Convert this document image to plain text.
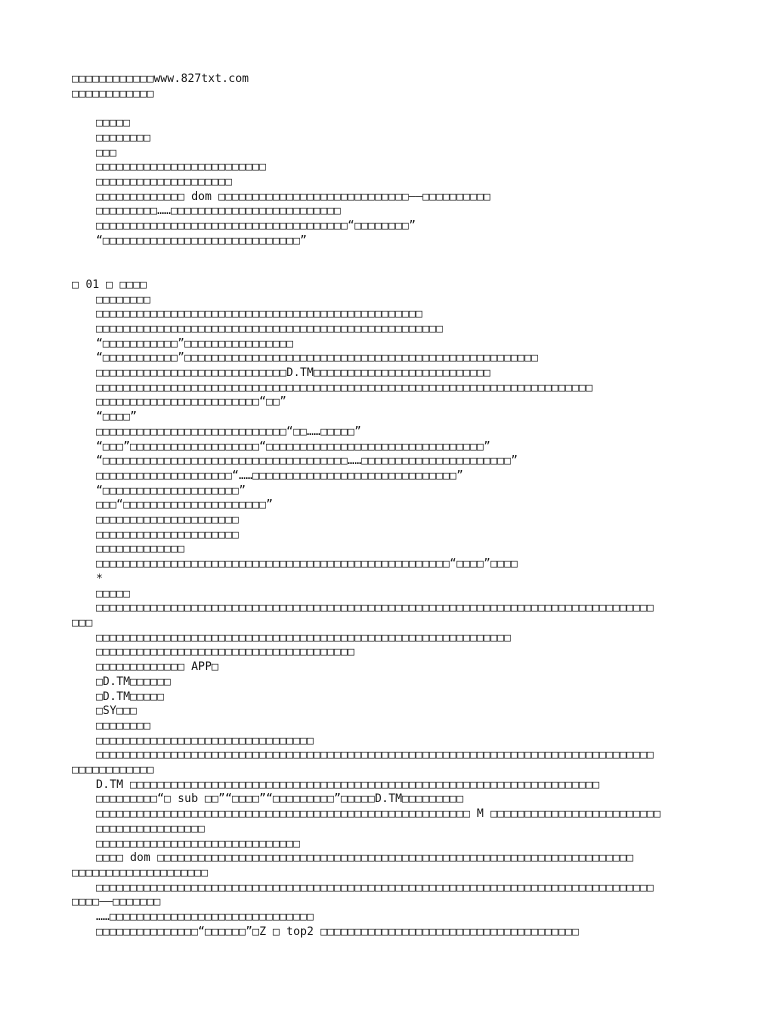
□□□□□□□□□□□□www.827txt.com
□□□□□□□□□□□□
□□□□□
□□□□□□□□
□□□
□□□□□□□□□□□□□□□□□□□□□□□□□
□□□□□□□□□□□□□□□□□□□□
□□□□□□□□□□□□□ dom □□□□□□□□□□□□□□□□□□□□□□□□□□□□——□□□□□□□□□□
□□□□□□□□□……□□□□□□□□□□□□□□□□□□□□□□□□□
□□□□□□□□□□□□□□□□□□□□□□□□□□□□□□□□□□□□□“□□□□□□□□”
“□□□□□□□□□□□□□□□□□□□□□□□□□□□□□”
□ 01 □ □□□□
□□□□□□□□
□□□□□□□□□□□□□□□□□□□□□□□□□□□□□□□□□□□□□□□□□□□□□□□□
□□□□□□□□□□□□□□□□□□□□□□□□□□□□□□□□□□□□□□□□□□□□□□□□□□□
“□□□□□□□□□□□”□□□□□□□□□□□□□□□□
“□□□□□□□□□□□”□□□□□□□□□□□□□□□□□□□□□□□□□□□□□□□□□□□□□□□□□□□□□□□□□□□□
□□□□□□□□□□□□□□□□□□□□□□□□□□□□D.TM□□□□□□□□□□□□□□□□□□□□□□□□□□
□□□□□□□□□□□□□□□□□□□□□□□□□□□□□□□□□□□□□□□□□□□□□□□□□□□□□□□□□□□□□□□□□□□□□□□□□
□□□□□□□□□□□□□□□□□□□□□□□□“□□”
“□□□□”
□□□□□□□□□□□□□□□□□□□□□□□□□□□□“□□……□□□□□”
“□□□”□□□□□□□□□□□□□□□□□□□“□□□□□□□□□□□□□□□□□□□□□□□□□□□□□□□□”
“□□□□□□□□□□□□□□□□□□□□□□□□□□□□□□□□□□□□……□□□□□□□□□□□□□□□□□□□□□□”
□□□□□□□□□□□□□□□□□□□□“……□□□□□□□□□□□□□□□□□□□□□□□□□□□□□□”
“□□□□□□□□□□□□□□□□□□□□”
□□□“□□□□□□□□□□□□□□□□□□□□□”
□□□□□□□□□□□□□□□□□□□□□
□□□□□□□□□□□□□□□□□□□□□
□□□□□□□□□□□□□
□□□□□□□□□□□□□□□□□□□□□□□□□□□□□□□□□□□□□□□□□□□□□□□□□□□□“□□□□”□□□□
*
□□□□□
□□□□□□□□□□□□□□□□□□□□□□□□□□□□□□□□□□□□□□□□□□□□□□□□□□□□□□□□□□□□□□□□□□□□□□□□□□□□□□□□□□
□□□
□□□□□□□□□□□□□□□□□□□□□□□□□□□□□□□□□□□□□□□□□□□□□□□□□□□□□□□□□□□□□
□□□□□□□□□□□□□□□□□□□□□□□□□□□□□□□□□□□□□□
□□□□□□□□□□□□□ APP□
□D.TM□□□□□□
□D.TM□□□□□
□SY□□□
□□□□□□□□
□□□□□□□□□□□□□□□□□□□□□□□□□□□□□□□□
□□□□□□□□□□□□□□□□□□□□□□□□□□□□□□□□□□□□□□□□□□□□□□□□□□□□□□□□□□□□□□□□□□□□□□□□□□□□□□□□□□
□□□□□□□□□□□□
D.TM □□□□□□□□□□□□□□□□□□□□□□□□□□□□□□□□□□□□□□□□□□□□□□□□□□□□□□□□□□□□□□□□□□□□□
□□□□□□□□□“□ sub □□”“□□□□”“□□□□□□□□□”□□□□□D.TM□□□□□□□□□
□□□□□□□□□□□□□□□□□□□□□□□□□□□□□□□□□□□□□□□□□□□□□□□□□□□□□□□ M □□□□□□□□□□□□□□□□□□□□□□□□□
□□□□□□□□□□□□□□□□
□□□□□□□□□□□□□□□□□□□□□□□□□□□□□□
□□□□ dom □□□□□□□□□□□□□□□□□□□□□□□□□□□□□□□□□□□□□□□□□□□□□□□□□□□□□□□□□□□□□□□□□□□□□□
□□□□□□□□□□□□□□□□□□□□
□□□□□□□□□□□□□□□□□□□□□□□□□□□□□□□□□□□□□□□□□□□□□□□□□□□□□□□□□□□□□□□□□□□□□□□□□□□□□□□□□□
□□□□——□□□□□□□
……□□□□□□□□□□□□□□□□□□□□□□□□□□□□□□
□□□□□□□□□□□□□□□“□□□□□□”□Z □ top2 □□□□□□□□□□□□□□□□□□□□□□□□□□□□□□□□□□□□□□
